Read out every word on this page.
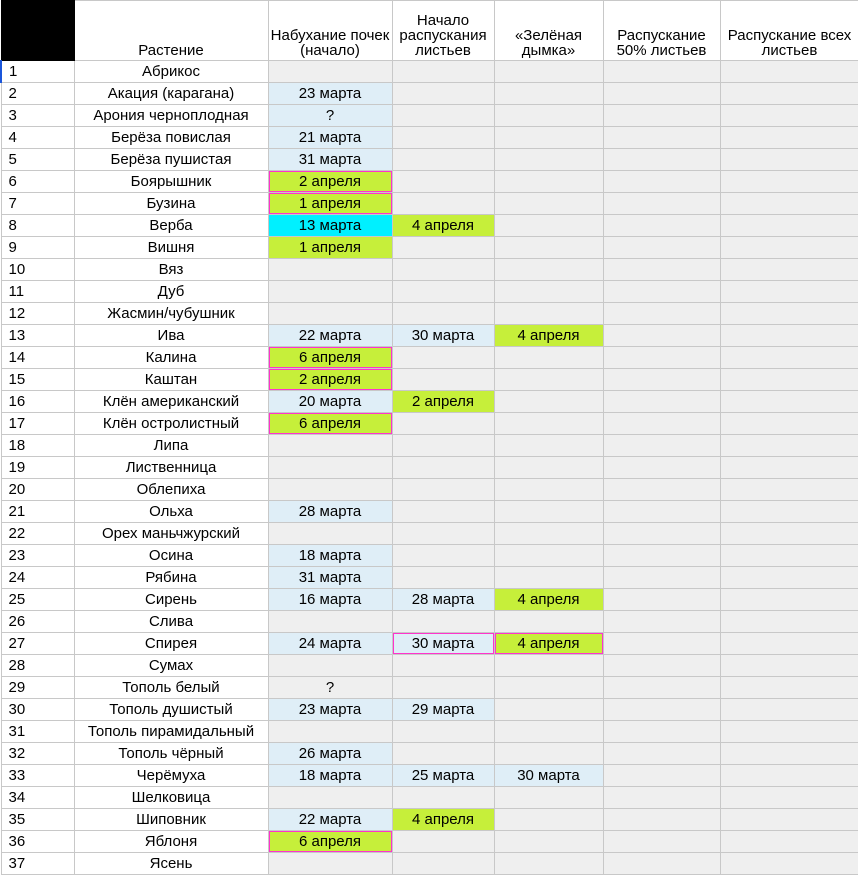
	Растение	Набухание почек (начало)	Начало распускания листьев	«Зелёная дымка»	Распускание 50% листьев	Распускание всех листьев
1	Абрикос					
2	Акация (карагана)	23 марта				
3	Арония черноплодная	?				
4	Берёза повислая	21 марта				
5	Берёза пушистая	31 марта				
6	Боярышник	2 апреля				
7	Бузина	1 апреля				
8	Верба	13 марта	4 апреля			
9	Вишня	1 апреля				
10	Вяз					
11	Дуб					
12	Жасмин/чубушник					
13	Ива	22 марта	30 марта	4 апреля		
14	Калина	6 апреля				
15	Каштан	2 апреля				
16	Клён американский	20 марта	2 апреля			
17	Клён остролистный	6 апреля				
18	Липа					
19	Лиственница					
20	Облепиха					
21	Ольха	28 марта				
22	Орех маньчжурский					
23	Осина	18 марта				
24	Рябина	31 марта				
25	Сирень	16 марта	28 марта	4 апреля		
26	Слива					
27	Спирея	24 марта	30 марта	4 апреля		
28	Сумах					
29	Тополь белый	?				
30	Тополь душистый	23 марта	29 марта			
31	Тополь пирамидальный					
32	Тополь чёрный	26 марта				
33	Черёмуха	18 марта	25 марта	30 марта		
34	Шелковица					
35	Шиповник	22 марта	4 апреля			
36	Яблоня	6 апреля				
37	Ясень					
